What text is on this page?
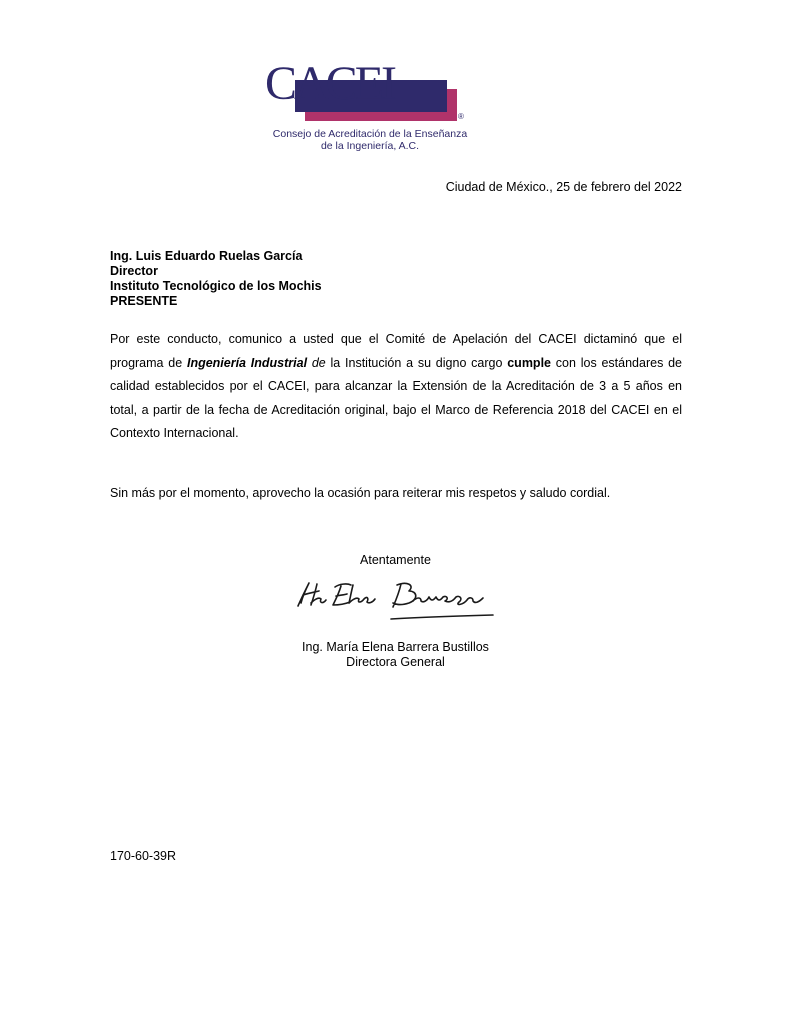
CACEI
®
Consejo de Acreditación de la Enseñanza
de la Ingeniería, A.C.
Ciudad de México., 25 de febrero del 2022
Ing. Luis Eduardo Ruelas García
Director
Instituto Tecnológico de los Mochis
PRESENTE
Por este conducto, comunico a usted que el Comité de Apelación del CACEI dictaminó que el programa de Ingeniería Industrial de la Institución a su digno cargo cumple con los estándares de calidad establecidos por el CACEI, para alcanzar la Extensión de la Acreditación de 3 a 5 años en total, a partir de la fecha de Acreditación original, bajo el Marco de Referencia 2018 del CACEI en el Contexto Internacional.
Sin más por el momento, aprovecho la ocasión para reiterar mis respetos y saludo cordial.
Atentamente
Ma. Elena Barrera
Ing. María Elena Barrera Bustillos
Directora General
170-60-39R
